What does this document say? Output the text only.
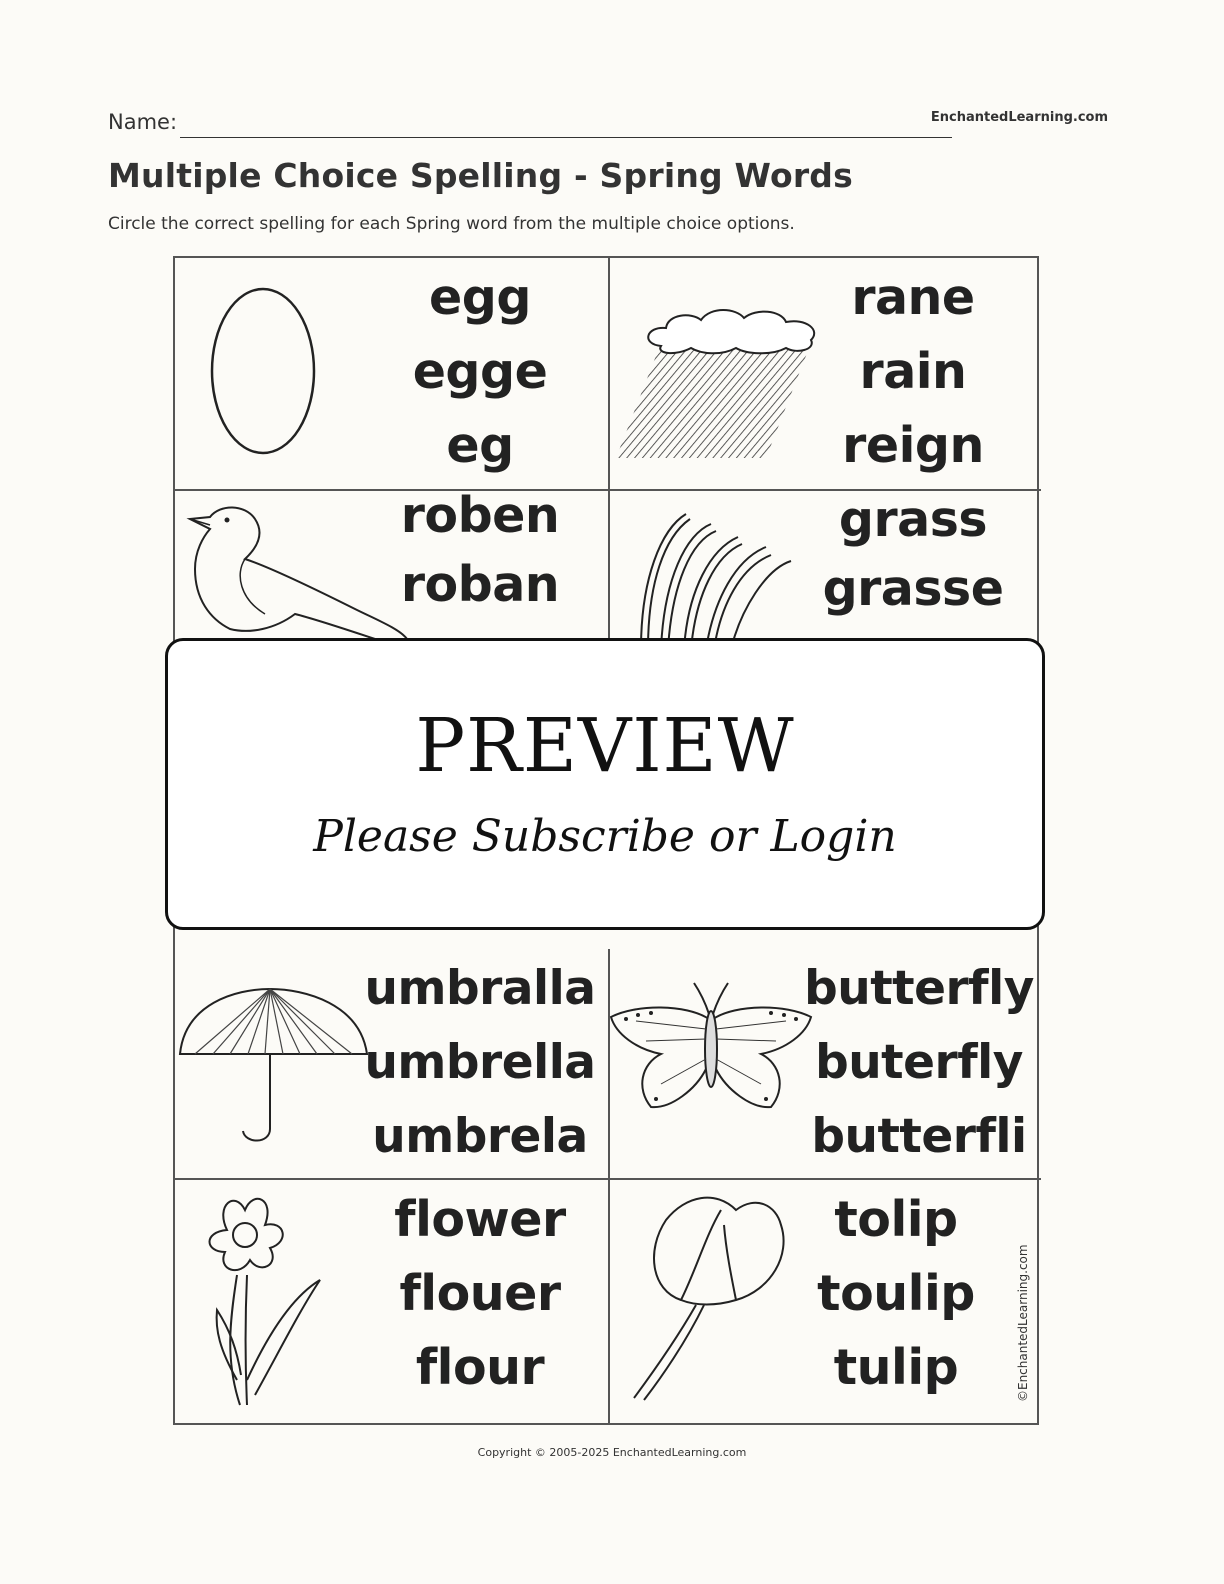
Name:	EnchantedLearning.com
Multiple Choice Spelling - Spring Words
Circle the correct spelling for each Spring word from the multiple choice options.
egg
egge
eg
rane
rain
reign
roben
roban
grass
grasse
umbralla
umbrella
umbrela
butterfly
buterfly
butterfli
flower
flouer
flour
tolip
toulip
tulip	©EnchantedLearning.com
PREVIEW
Please Subscribe or Login
Copyright © 2005-2025 EnchantedLearning.com
